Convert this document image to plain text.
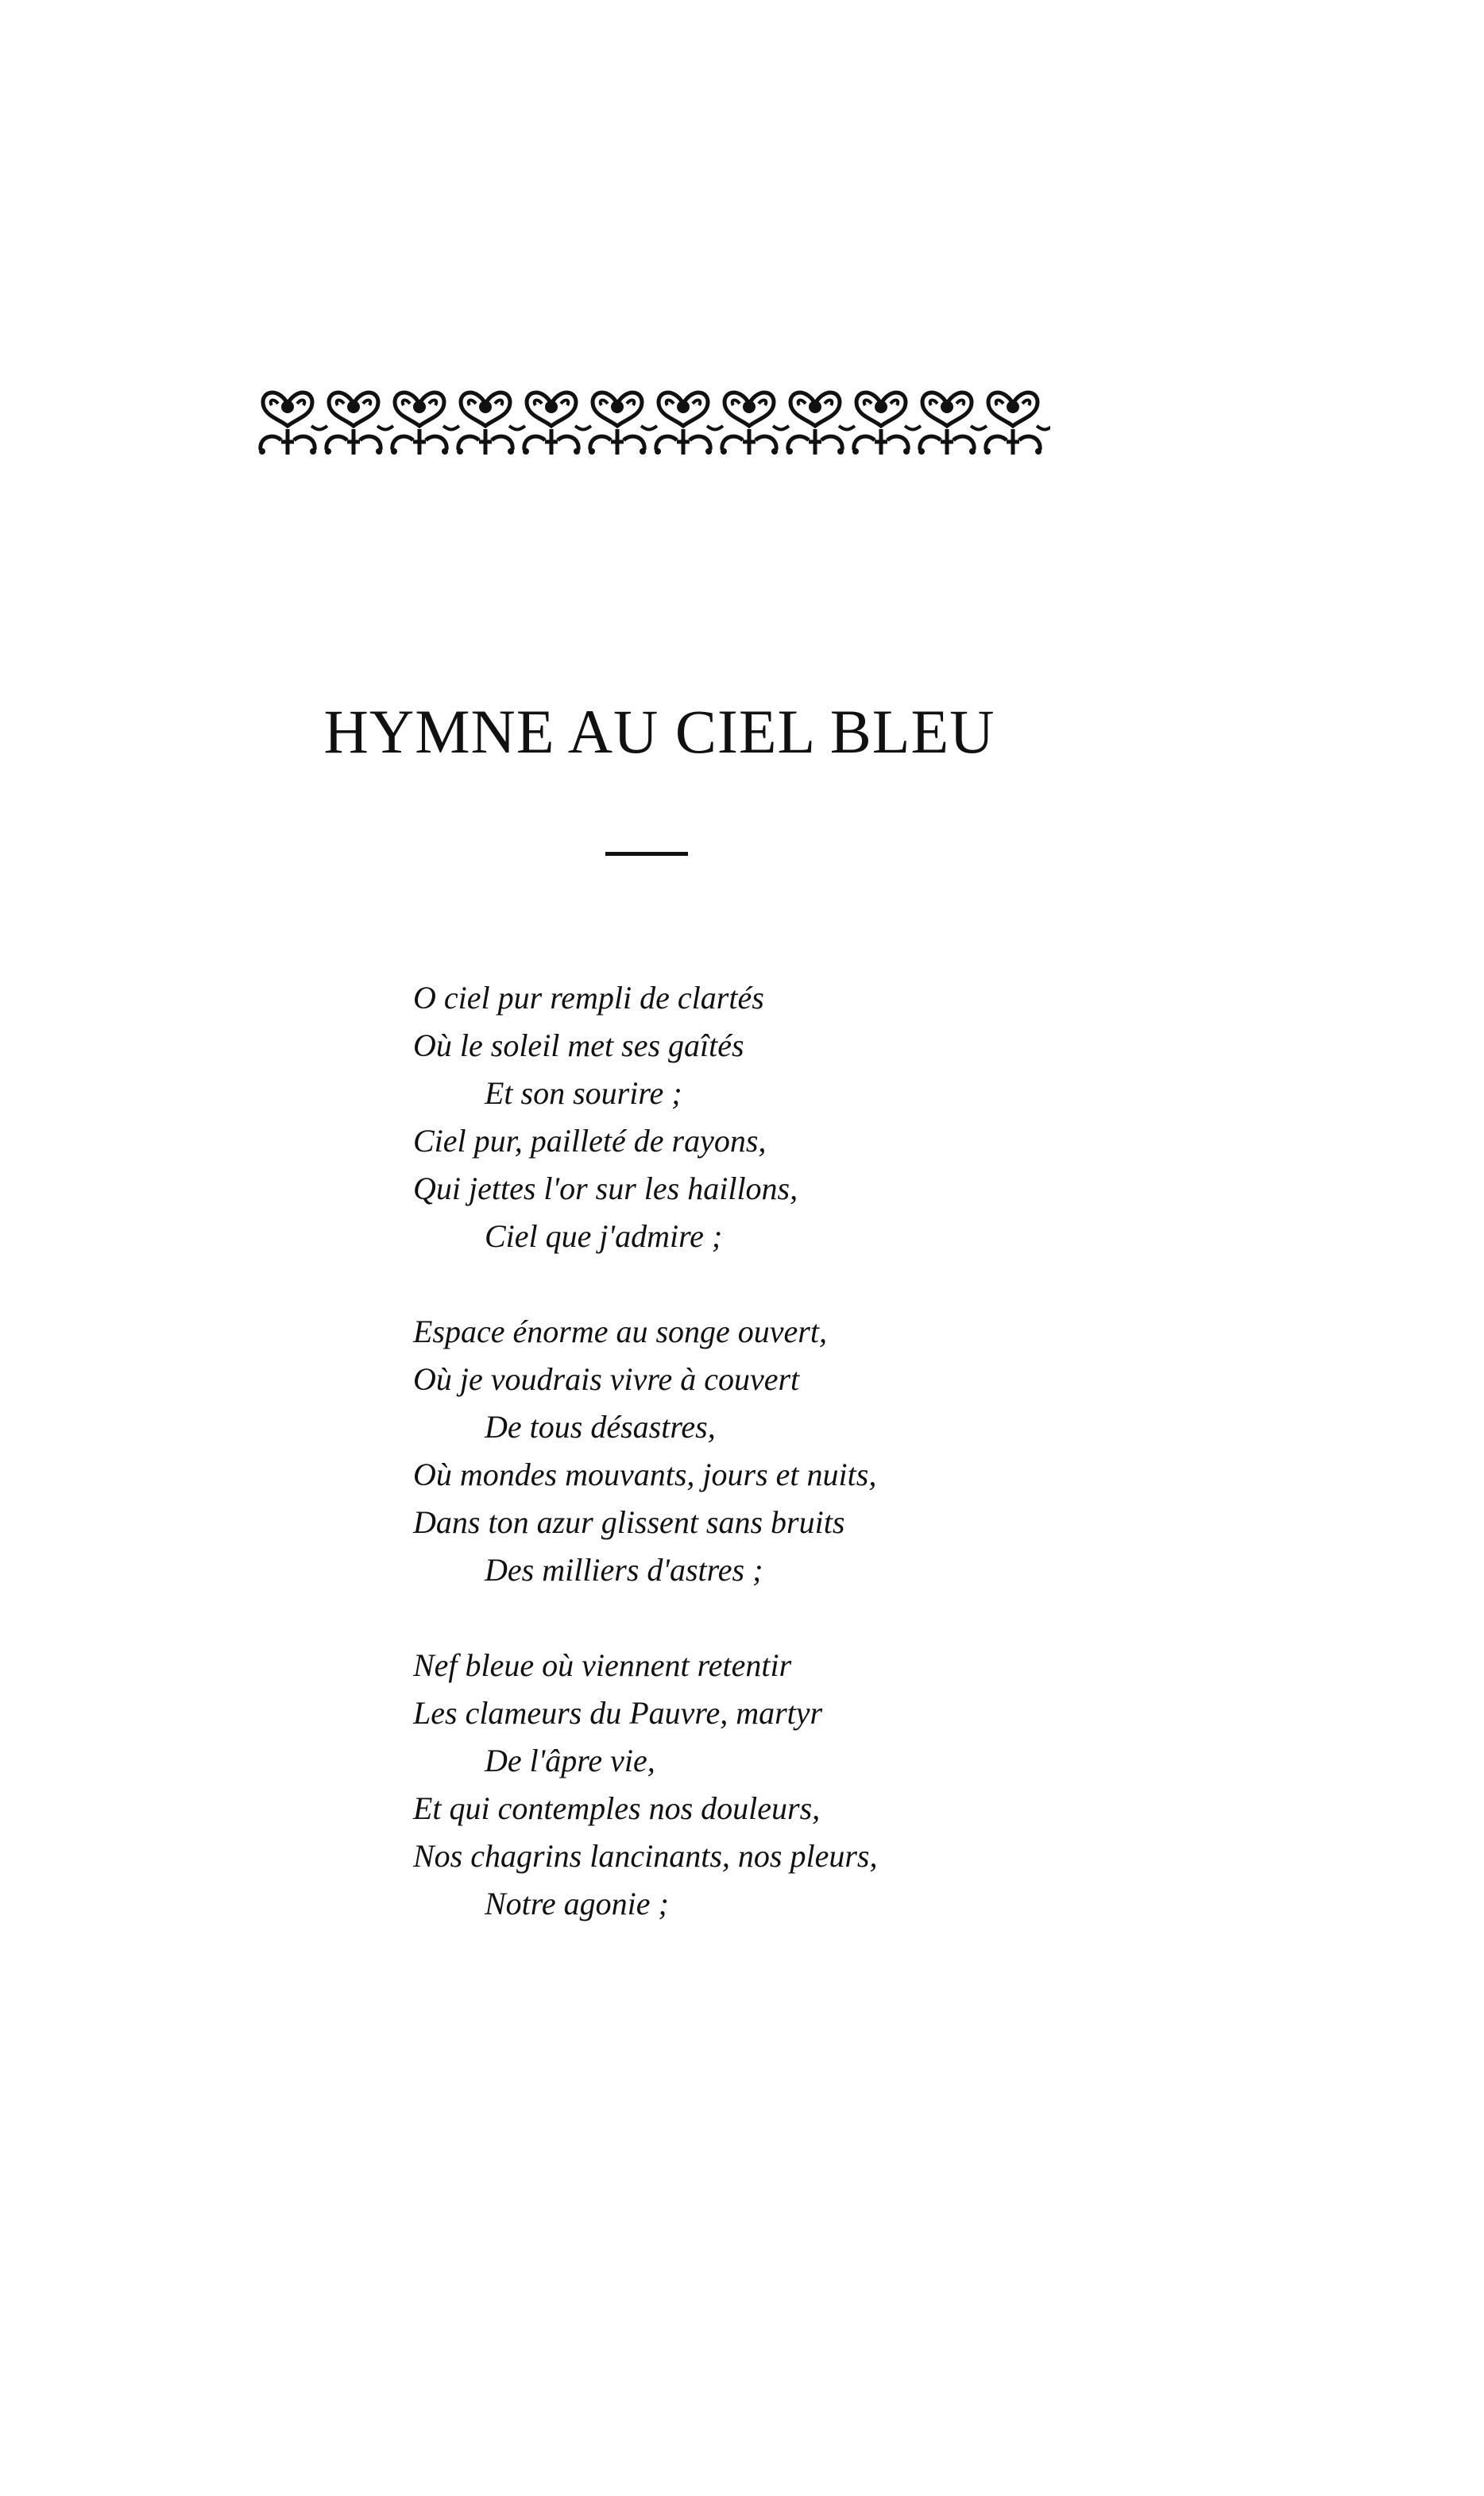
HYMNE AU CIEL BLEU
O ciel pur rempli de clartés
Où le soleil met ses gaîtés
Et son sourire ;
Ciel pur, pailleté de rayons,
Qui jettes l'or sur les haillons,
Ciel que j'admire ;
Espace énorme au songe ouvert,
Où je voudrais vivre à couvert
De tous désastres,
Où mondes mouvants, jours et nuits,
Dans ton azur glissent sans bruits
Des milliers d'astres ;
Nef bleue où viennent retentir
Les clameurs du Pauvre, martyr
De l'âpre vie,
Et qui contemples nos douleurs,
Nos chagrins lancinants, nos pleurs,
Notre agonie ;
